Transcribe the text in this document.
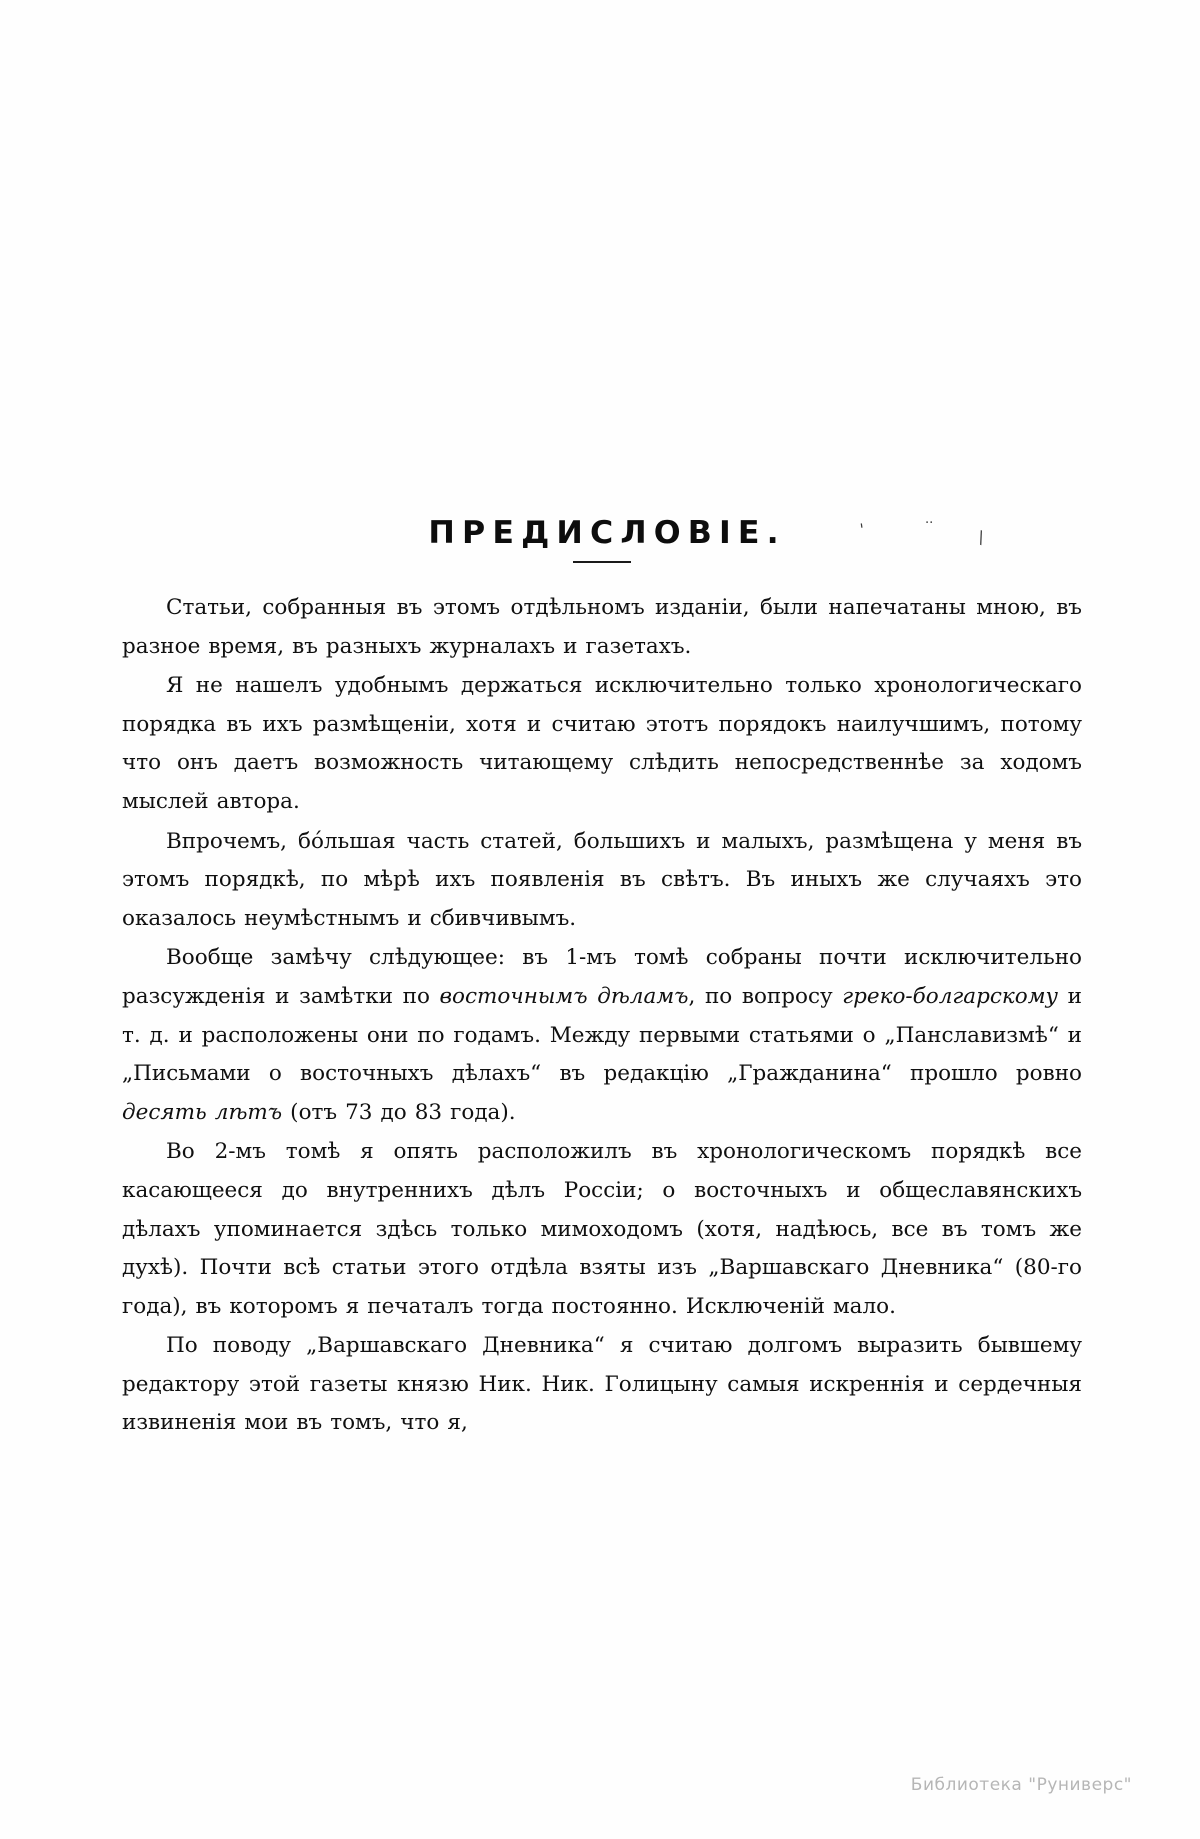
ПРЕДИСЛОВІЕ.

Статьи, собранныя въ этомъ отдѣльномъ изданіи, были напечатаны мною, въ разное время, въ разныхъ журналахъ и газетахъ.

Я не нашелъ удобнымъ держаться исключительно только хронологическаго порядка въ ихъ размѣщеніи, хотя и считаю этотъ порядокъ наилучшимъ, потому что онъ даетъ возможность читающему слѣдить непосредственнѣе за ходомъ мыслей автора.

Впрочемъ, бо́льшая часть статей, большихъ и малыхъ, размѣщена у меня въ этомъ порядкѣ, по мѣрѣ ихъ появленія въ свѣтъ. Въ иныхъ же случаяхъ это оказалось неумѣстнымъ и сбивчивымъ.

Вообще замѣчу слѣдующее: въ 1-мъ томѣ собраны почти исключительно разсужденія и замѣтки по восточнымъ дѣламъ, по вопросу греко-болгарскому и т. д. и расположены они по годамъ. Между первыми статьями о „Панславизмѣ“ и „Письмами о восточныхъ дѣлахъ“ въ редакцію „Гражданина“ прошло ровно десять лѣтъ (отъ 73 до 83 года).

Во 2-мъ томѣ я опять расположилъ въ хронологическомъ порядкѣ все касающееся до внутреннихъ дѣлъ Россіи; о восточныхъ и общеславянскихъ дѣлахъ упоминается здѣсь только мимоходомъ (хотя, надѣюсь, все въ томъ же духѣ). Почти всѣ статьи этого отдѣла взяты изъ „Варшавскаго Дневника“ (80-го года), въ которомъ я печаталъ тогда постоянно. Исключеній мало.

По поводу „Варшавскаго Дневника“ я считаю долгомъ выразить бывшему редактору этой газеты князю Ник. Ник. Голицыну самыя искреннія и сердечныя извиненія мои въ томъ, что я,

'
..
\
Библиотека "Руниверс"
